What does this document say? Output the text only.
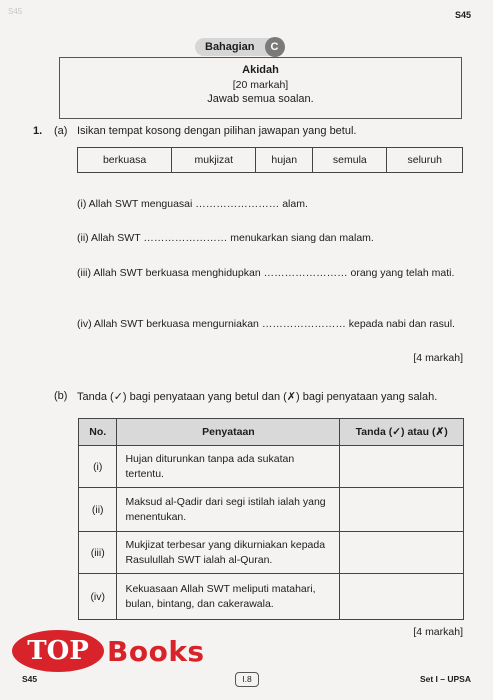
S45	S45
Bahagian	C
Akidah
[20 markah]
Jawab semua soalan.
1. (a) Isikan tempat kosong dengan pilihan jawapan yang betul.
berkuasa	mukjizat	hujan	semula	seluruh
(i) Allah SWT menguasai …………………… alam.
(ii) Allah SWT …………………… menukarkan siang dan malam.
(iii) Allah SWT berkuasa menghidupkan …………………… orang yang telah mati.
(iv) Allah SWT berkuasa mengurniakan …………………… kepada nabi dan rasul.
[4 markah]
(b) Tanda (✓) bagi penyataan yang betul dan (✗) bagi penyataan yang salah.
No.	Penyataan	Tanda (✓) atau (✗)
(i)	Hujan diturunkan tanpa ada sukatan tertentu.	
(ii)	Maksud al-Qadir dari segi istilah ialah yang menentukan.	
(iii)	Mukjizat terbesar yang dikurniakan kepada Rasulullah SWT ialah al-Quran.	
(iv)	Kekuasaan Allah SWT meliputi matahari, bulan, bintang, dan cakerawala.	
[4 markah]
TOP Books
S45	I.8	Set I – UPSA
